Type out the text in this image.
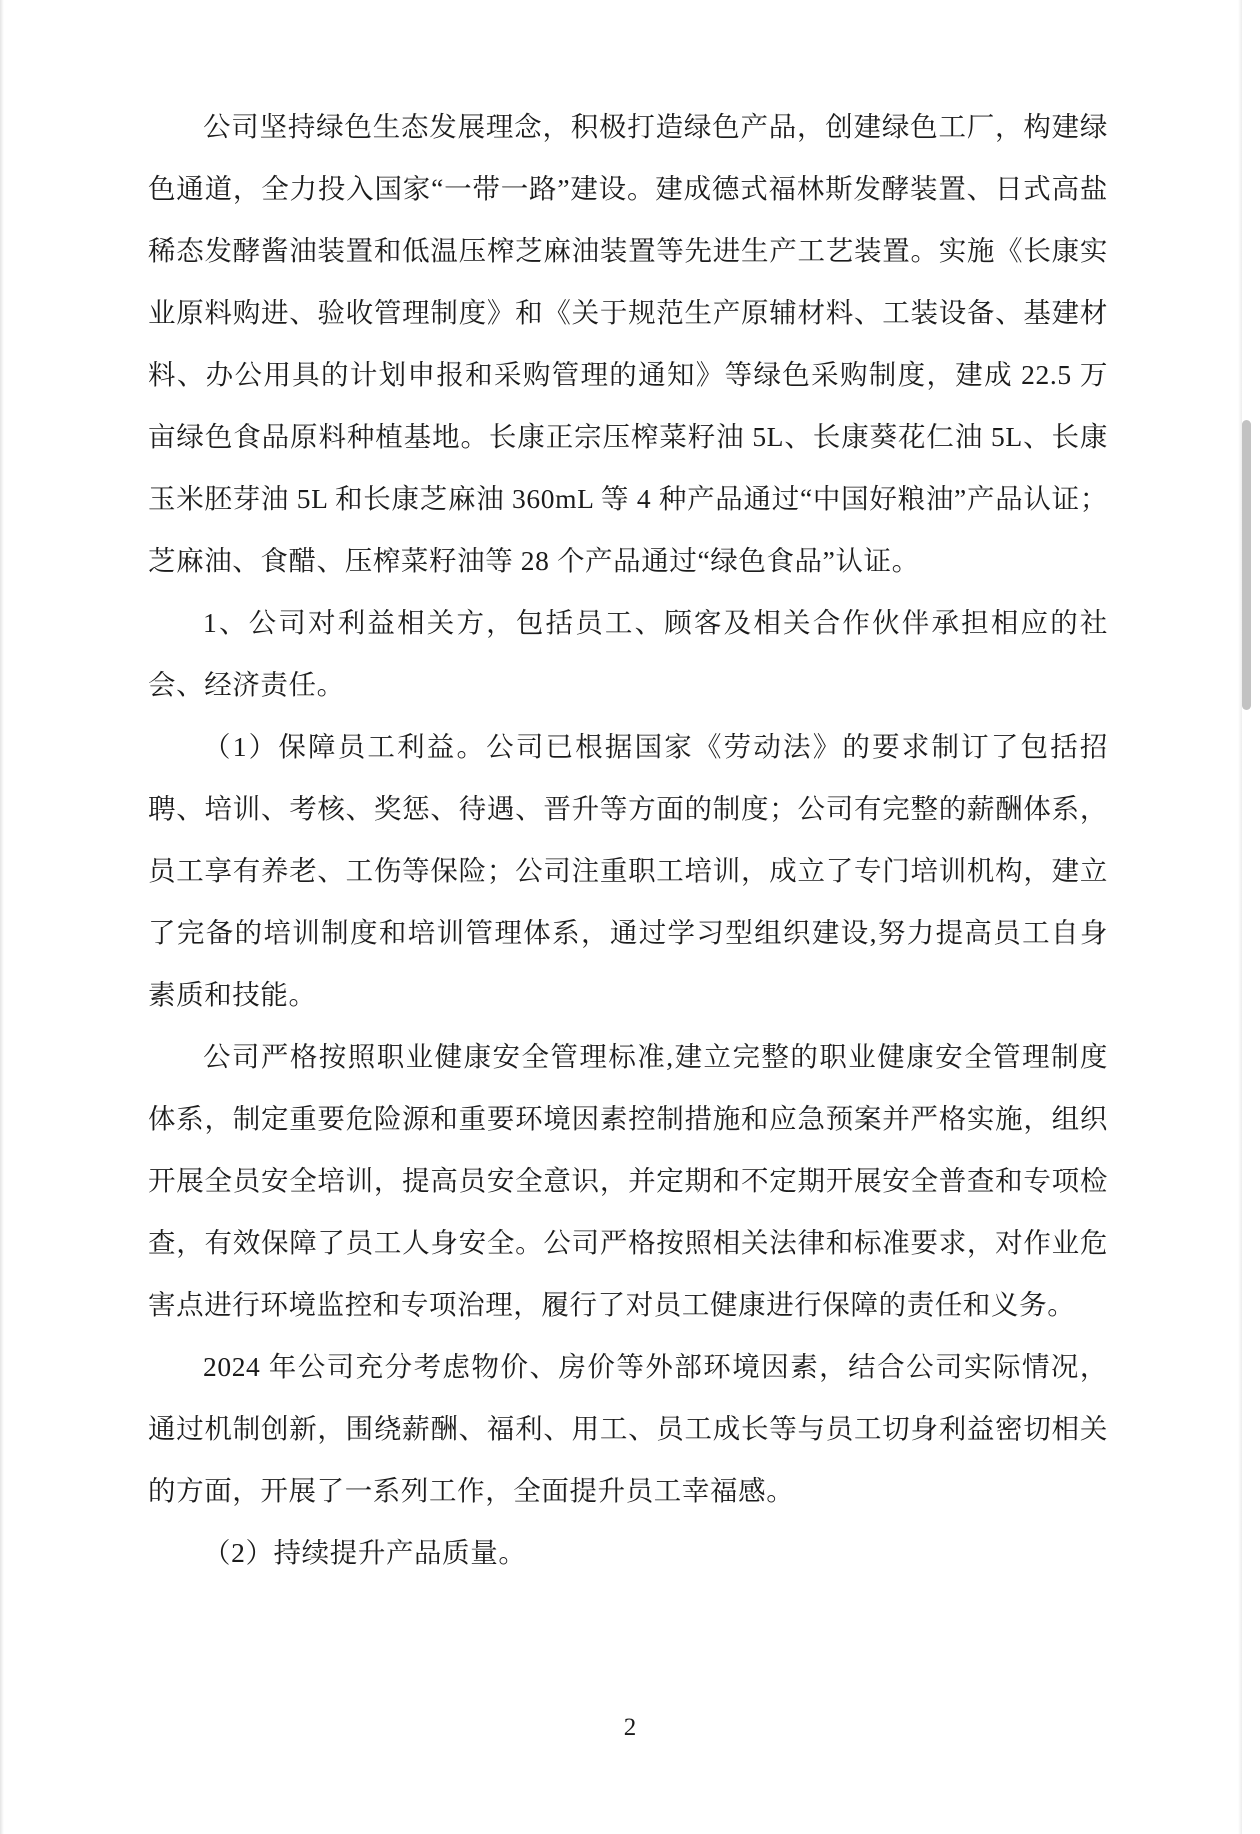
公司坚持绿色生态发展理念，积极打造绿色产品，创建绿色工厂，构建绿色通道，全力投入国家“一带一路”建设。建成德式福林斯发酵装置、日式高盐稀态发酵酱油装置和低温压榨芝麻油装置等先进生产工艺装置。实施《长康实业原料购进、验收管理制度》和《关于规范生产原辅材料、工装设备、基建材料、办公用具的计划申报和采购管理的通知》等绿色采购制度，建成 22.5 万亩绿色食品原料种植基地。长康正宗压榨菜籽油 5L、长康葵花仁油 5L、长康玉米胚芽油 5L 和长康芝麻油 360mL 等 4 种产品通过“中国好粮油”产品认证；芝麻油、食醋、压榨菜籽油等 28 个产品通过“绿色食品”认证。

1、公司对利益相关方，包括员工、顾客及相关合作伙伴承担相应的社会、经济责任。

（1）保障员工利益。公司已根据国家《劳动法》的要求制订了包括招聘、培训、考核、奖惩、待遇、晋升等方面的制度；公司有完整的薪酬体系，员工享有养老、工伤等保险；公司注重职工培训，成立了专门培训机构，建立了完备的培训制度和培训管理体系，通过学习型组织建设,努力提高员工自身素质和技能。

公司严格按照职业健康安全管理标准,建立完整的职业健康安全管理制度体系，制定重要危险源和重要环境因素控制措施和应急预案并严格实施，组织开展全员安全培训，提高员安全意识，并定期和不定期开展安全普查和专项检查，有效保障了员工人身安全。公司严格按照相关法律和标准要求，对作业危害点进行环境监控和专项治理，履行了对员工健康进行保障的责任和义务。

2024 年公司充分考虑物价、房价等外部环境因素，结合公司实际情况，通过机制创新，围绕薪酬、福利、用工、员工成长等与员工切身利益密切相关的方面，开展了一系列工作，全面提升员工幸福感。

（2）持续提升产品质量。

2
